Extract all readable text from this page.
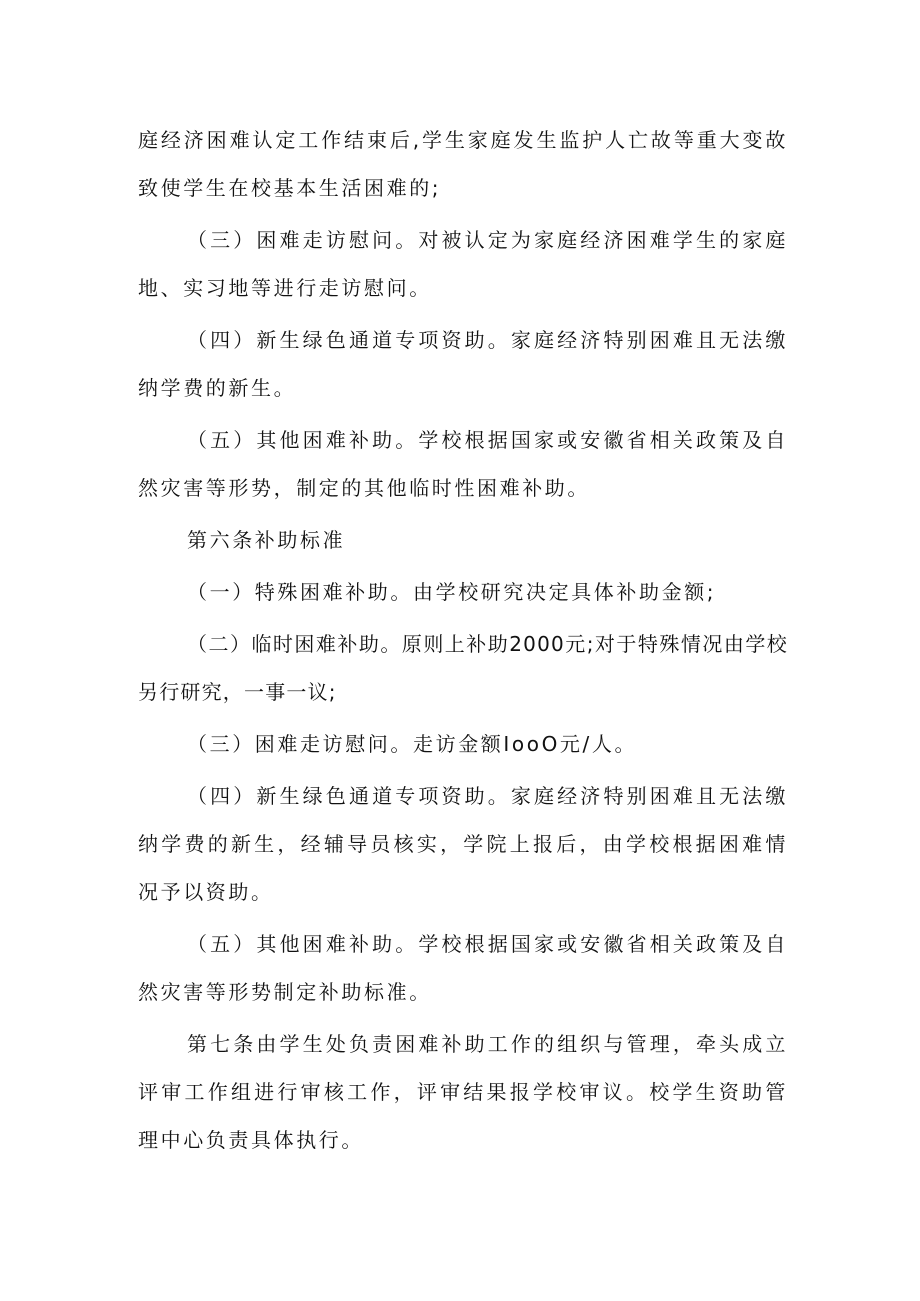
庭经济困难认定工作结束后,学生家庭发生监护人亡故等重大变故致使学生在校基本生活困难的;

（三）困难走访慰问。对被认定为家庭经济困难学生的家庭地、实习地等进行走访慰问。

（四）新生绿色通道专项资助。家庭经济特别困难且无法缴纳学费的新生。

（五）其他困难补助。学校根据国家或安徽省相关政策及自然灾害等形势，制定的其他临时性困难补助。

第六条补助标准

（一）特殊困难补助。由学校研究决定具体补助金额;

（二）临时困难补助。原则上补助2000元;对于特殊情况由学校另行研究，一事一议;

（三）困难走访慰问。走访金额IooO元/人。

（四）新生绿色通道专项资助。家庭经济特别困难且无法缴纳学费的新生，经辅导员核实，学院上报后，由学校根据困难情况予以资助。

（五）其他困难补助。学校根据国家或安徽省相关政策及自然灾害等形势制定补助标准。

第七条由学生处负责困难补助工作的组织与管理，牵头成立评审工作组进行审核工作，评审结果报学校审议。校学生资助管理中心负责具体执行。
